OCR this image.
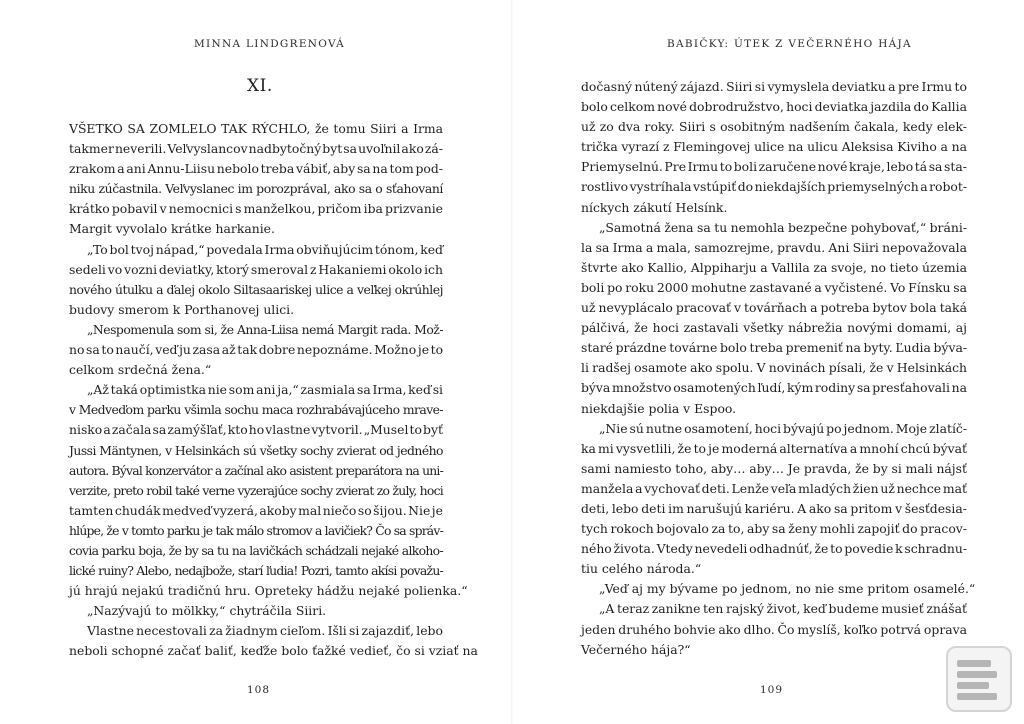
MINNA LINDGRENOVÁ
XI.
VŠETKO SA ZOMLELO TAK RÝCHLO, že tomu Siiri a Irma
takmer neverili. Veľvyslancov nadbytočný byt sa uvoľnil ako zá-
zrakom a ani Annu-Liisu nebolo treba vábiť, aby sa na tom pod-
niku zúčastnila. Veľvyslanec im porozprával, ako sa o sťahovaní
krátko pobavil v nemocnici s manželkou, pričom iba prizvanie
Margit vyvolalo krátke harkanie.
„To bol tvoj nápad,“ povedala Irma obviňujúcim tónom, keď
sedeli vo vozni deviatky, ktorý smeroval z Hakaniemi okolo ich
nového útulku a ďalej okolo Siltasaariskej ulice a veľkej okrúhlej
budovy smerom k Porthanovej ulici.
„Nespomenula som si, že Anna-Liisa nemá Margit rada. Mož-
no sa to naučí, veď ju zasa až tak dobre nepoznáme. Možno je to
celkom srdečná žena.“
„Až taká optimistka nie som ani ja,“ zasmiala sa Irma, keď si
v Medveďom parku všimla sochu maca rozhrabávajúceho mravе-
nisko a začala sa zamýšľať, kto ho vlastne vytvoril. „Musel to byť
Jussi Mäntynen, v Helsinkách sú všetky sochy zvierat od jedného
autora. Býval konzervátor a začínal ako asistent preparátora na uni-
verzite, preto robil také verne vyzerajúce sochy zvierat zo žuly, hoci
tamten chudák medveď vyzerá, akoby mal niečo so šijou. Nie je
hlúpe, že v tomto parku je tak málo stromov a lavičiek? Čo sa správ-
covia parku boja, že by sa tu na lavičkách schádzali nejaké alkoho-
lické ruiny? Alebo, nedajbože, starí ľudia! Pozri, tamto akísi považu-
jú hrajú nejakú tradičnú hru. Opreteky hádžu nejaké polienka.“
„Nazývajú to mölkky,“ chytráčila Siiri.
Vlastne necestovali za žiadnym cieľom. Išli si zajazdiť, lebo
neboli schopné začať baliť, keďže bolo ťažké vedieť, čo si vziať na
108
BABIČKY: ÚTEK Z VEČERNÉHO HÁJA
dočasný nútený zájazd. Siiri si vymyslela deviatku a pre Irmu to
bolo celkom nové dobrodružstvo, hoci deviatka jazdila do Kallia
už zo dva roky. Siiri s osobitným nadšením čakala, kedy elek-
trička vyrazí z Flemingovej ulice na ulicu Aleksisa Kiviho a na
Priemyselnú. Pre Irmu to boli zaručene nové kraje, lebo tá sa sta-
rostlivo vystríhala vstúpiť do niekdajších priemyselných a robot-
níckych zákutí Helsínk.
„Samotná žena sa tu nemohla bezpečne pohybovať,“ bráni-
la sa Irma a mala, samozrejme, pravdu. Ani Siiri nepovažovala
štvrte ako Kallio, Alppiharju a Vallila za svoje, no tieto územia
boli po roku 2000 mohutne zastavané a vyčistené. Vo Fínsku sa
už nevyplácalo pracovať v továrňach a potreba bytov bola taká
pálčivá, že hoci zastavali všetky nábrežia novými domami, aj
staré prázdne továrne bolo treba premeniť na byty. Ľudia býva-
li radšej osamote ako spolu. V novinách písali, že v Helsinkách
býva množstvo osamotených ľudí, kým rodiny sa presťahovali na
niekdajšie polia v Espoo.
„Nie sú nutne osamotení, hoci bývajú po jednom. Moje zlatíč-
ka mi vysvetlili, že to je moderná alternatíva a mnohí chcú bývať
sami namiesto toho, aby… aby… Je pravda, že by si mali nájsť
manžela a vychovať deti. Lenže veľa mladých žien už nechce mať
deti, lebo deti im narušujú kariéru. A ako sa pritom v šesťdesia-
tych rokoch bojovalo za to, aby sa ženy mohli zapojiť do pracov-
ného života. Vtedy nevedeli odhadnúť, že to povedie k schradnu-
tiu celého národa.“
„Veď aj my bývame po jednom, no nie sme pritom osamelé.“
„A teraz zanikne ten rajský život, keď budeme musieť znášať
jeden druhého bohvie ako dlho. Čo myslíš, koľko potrvá oprava
Večerného hája?“
109
